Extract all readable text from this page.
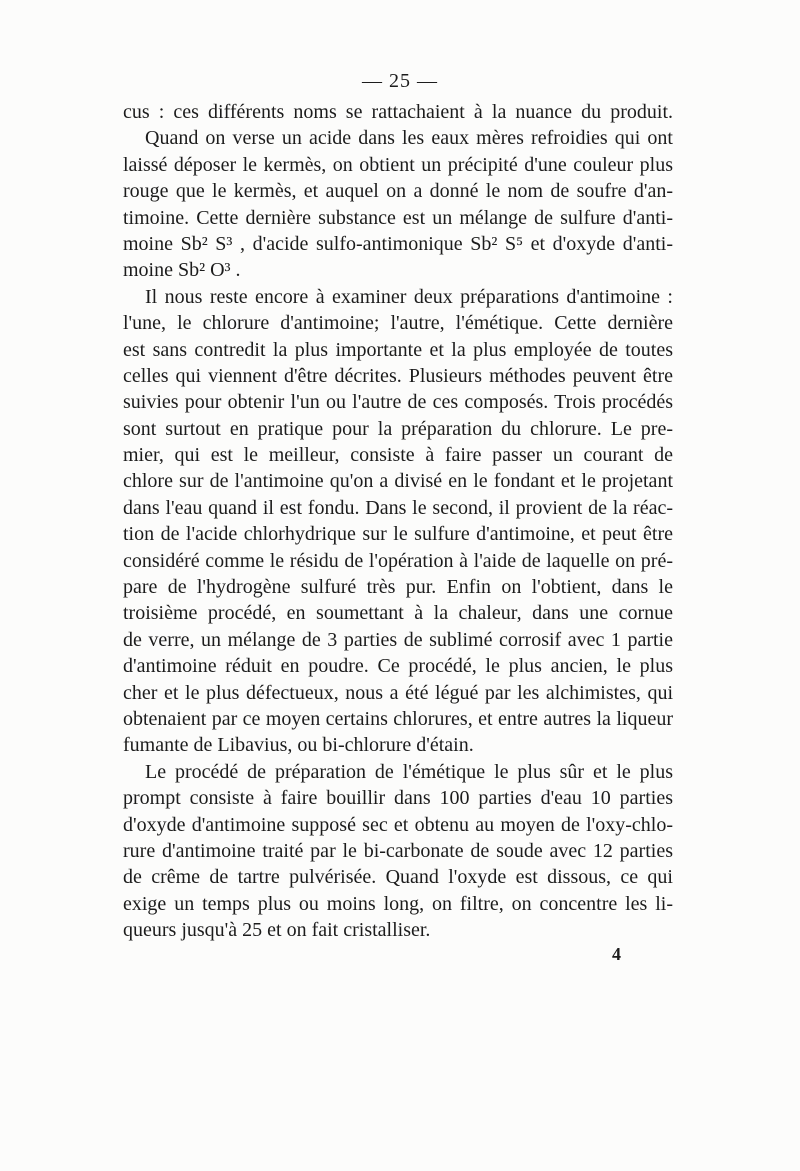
— 25 —
cus : ces différents noms se rattachaient à la nuance du produit.
Quand on verse un acide dans les eaux mères refroidies qui ont
laissé déposer le kermès, on obtient un précipité d'une couleur plus
rouge que le kermès, et auquel on a donné le nom de soufre d'an-
timoine. Cette dernière substance est un mélange de sulfure d'anti-
moine Sb² S³ , d'acide sulfo-antimonique Sb² S⁵ et d'oxyde d'anti-
moine Sb² O³ .
Il nous reste encore à examiner deux préparations d'antimoine :
l'une, le chlorure d'antimoine; l'autre, l'émétique. Cette dernière
est sans contredit la plus importante et la plus employée de toutes
celles qui viennent d'être décrites. Plusieurs méthodes peuvent être
suivies pour obtenir l'un ou l'autre de ces composés. Trois procédés
sont surtout en pratique pour la préparation du chlorure. Le pre-
mier, qui est le meilleur, consiste à faire passer un courant de
chlore sur de l'antimoine qu'on a divisé en le fondant et le projetant
dans l'eau quand il est fondu. Dans le second, il provient de la réac-
tion de l'acide chlorhydrique sur le sulfure d'antimoine, et peut être
considéré comme le résidu de l'opération à l'aide de laquelle on pré-
pare de l'hydrogène sulfuré très pur. Enfin on l'obtient, dans le
troisième procédé, en soumettant à la chaleur, dans une cornue
de verre, un mélange de 3 parties de sublimé corrosif avec 1 partie
d'antimoine réduit en poudre. Ce procédé, le plus ancien, le plus
cher et le plus défectueux, nous a été légué par les alchimistes, qui
obtenaient par ce moyen certains chlorures, et entre autres la liqueur
fumante de Libavius, ou bi-chlorure d'étain.
Le procédé de préparation de l'émétique le plus sûr et le plus
prompt consiste à faire bouillir dans 100 parties d'eau 10 parties
d'oxyde d'antimoine supposé sec et obtenu au moyen de l'oxy-chlo-
rure d'antimoine traité par le bi-carbonate de soude avec 12 parties
de crême de tartre pulvérisée. Quand l'oxyde est dissous, ce qui
exige un temps plus ou moins long, on filtre, on concentre les li-
queurs jusqu'à 25 et on fait cristalliser.
4
